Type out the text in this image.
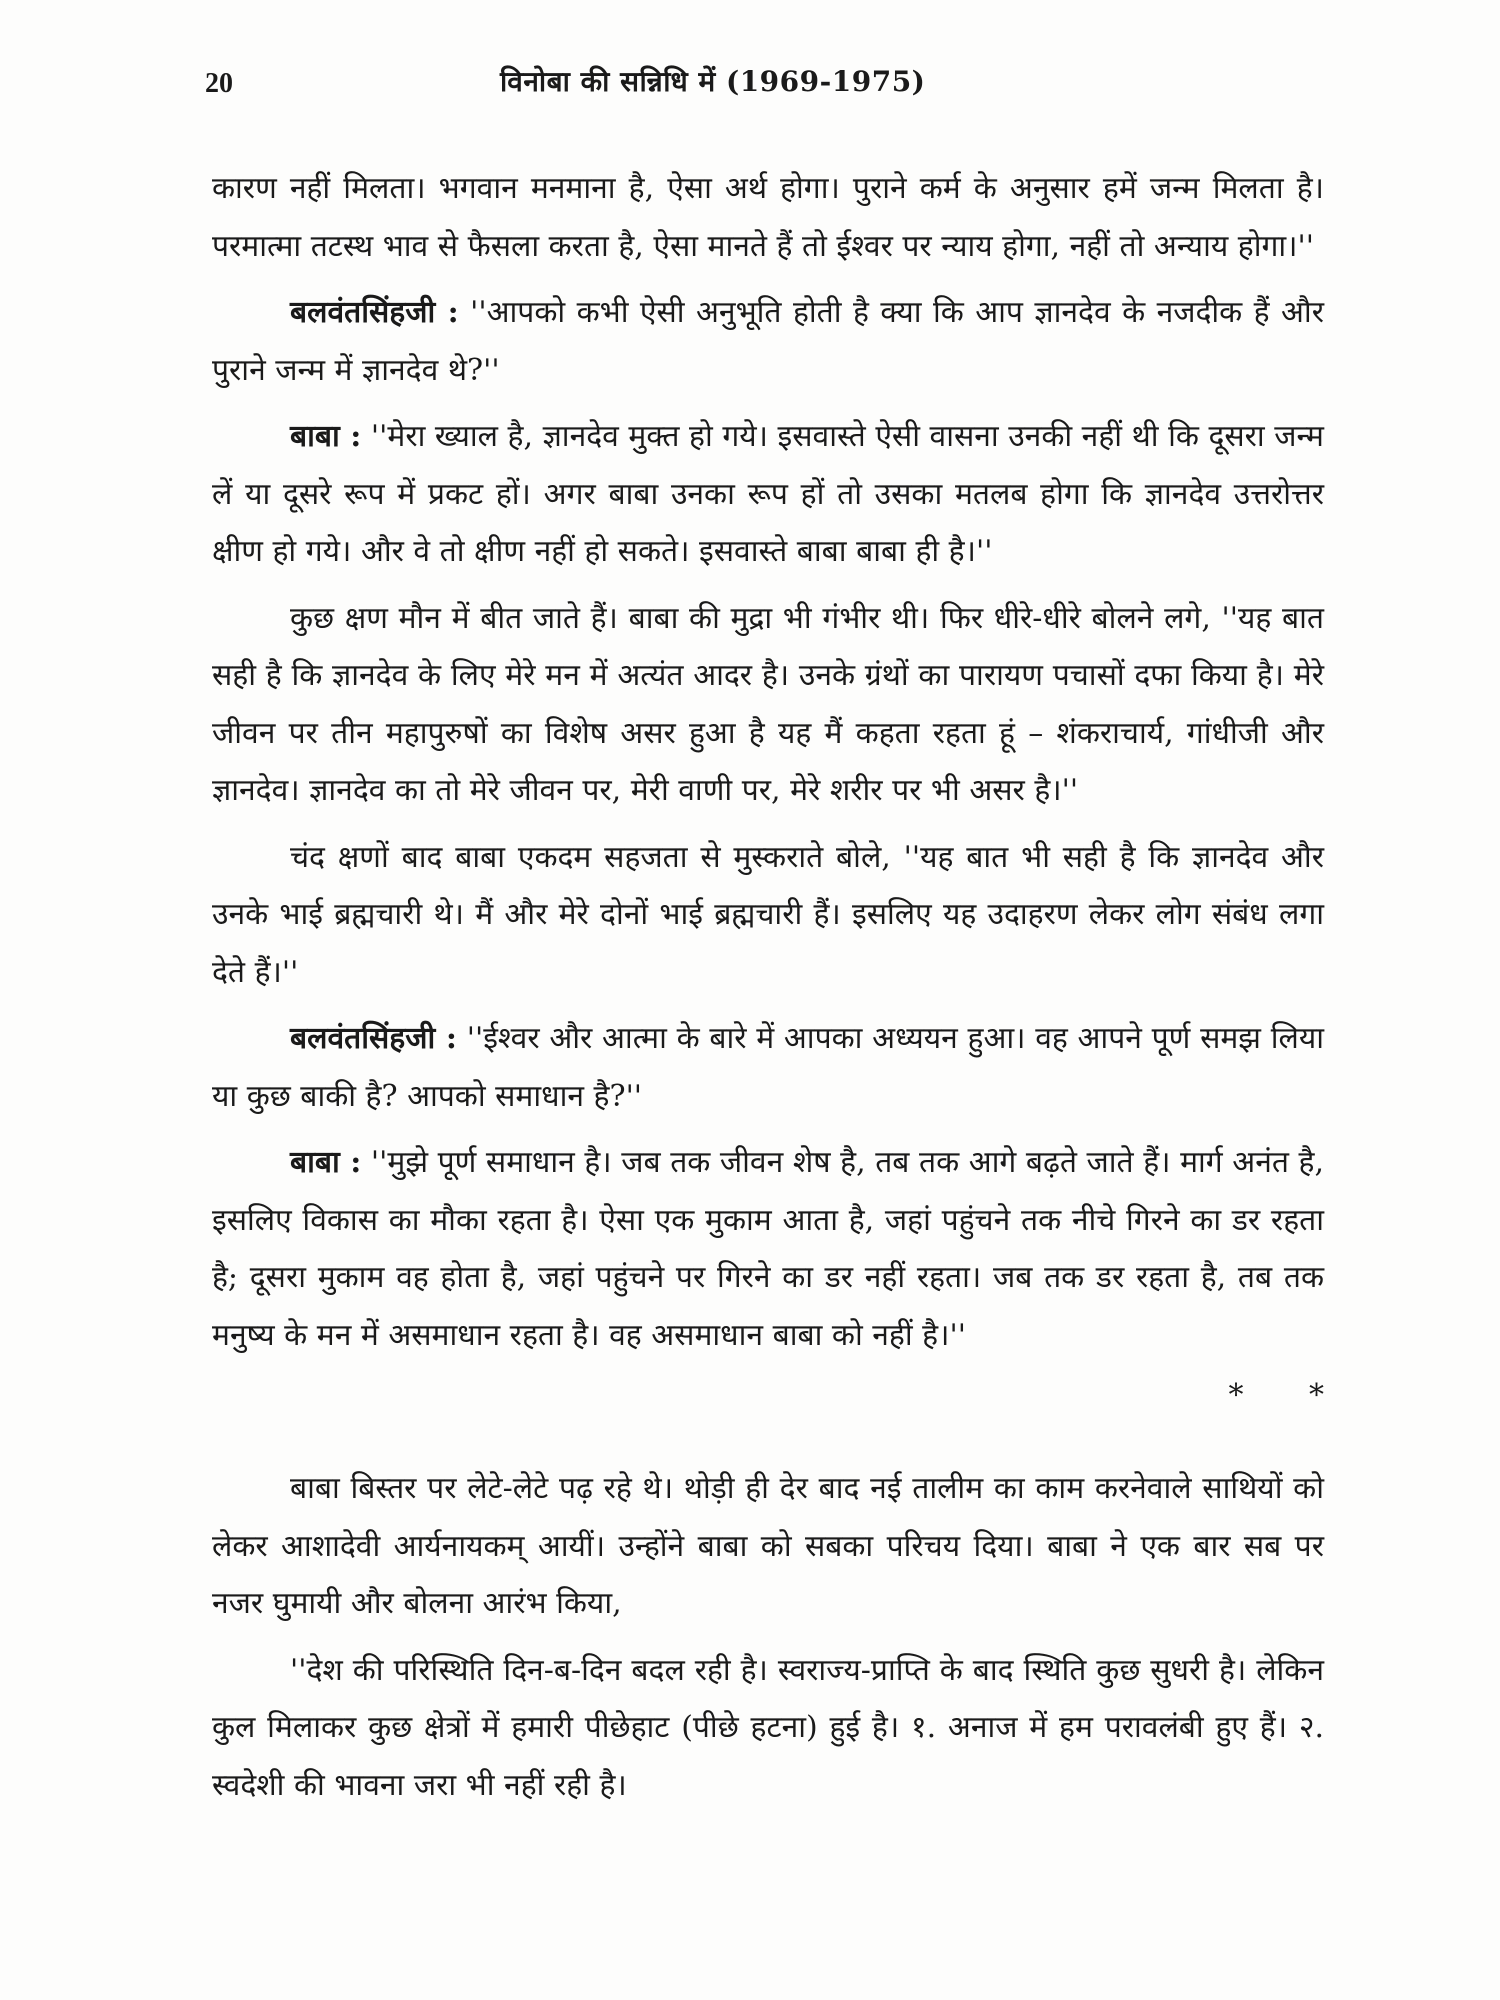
20	विनोबा की सन्निधि में (1969-1975)

कारण नहीं मिलता। भगवान मनमाना है, ऐसा अर्थ होगा। पुराने कर्म के अनुसार हमें जन्म मिलता है। परमात्मा तटस्थ भाव से फैसला करता है, ऐसा मानते हैं तो ईश्वर पर न्याय होगा, नहीं तो अन्याय होगा।''

बलवंतसिंहजी : ''आपको कभी ऐसी अनुभूति होती है क्या कि आप ज्ञानदेव के नजदीक हैं और पुराने जन्म में ज्ञानदेव थे?''

बाबा : ''मेरा ख्याल है, ज्ञानदेव मुक्त हो गये। इसवास्ते ऐसी वासना उनकी नहीं थी कि दूसरा जन्म लें या दूसरे रूप में प्रकट हों। अगर बाबा उनका रूप हों तो उसका मतलब होगा कि ज्ञानदेव उत्तरोत्तर क्षीण हो गये। और वे तो क्षीण नहीं हो सकते। इसवास्ते बाबा बाबा ही है।''

कुछ क्षण मौन में बीत जाते हैं। बाबा की मुद्रा भी गंभीर थी। फिर धीरे-धीरे बोलने लगे, ''यह बात सही है कि ज्ञानदेव के लिए मेरे मन में अत्यंत आदर है। उनके ग्रंथों का पारायण पचासों दफा किया है। मेरे जीवन पर तीन महापुरुषों का विशेष असर हुआ है यह मैं कहता रहता हूं – शंकराचार्य, गांधीजी और ज्ञानदेव। ज्ञानदेव का तो मेरे जीवन पर, मेरी वाणी पर, मेरे शरीर पर भी असर है।''

चंद क्षणों बाद बाबा एकदम सहजता से मुस्कराते बोले, ''यह बात भी सही है कि ज्ञानदेव और उनके भाई ब्रह्मचारी थे। मैं और मेरे दोनों भाई ब्रह्मचारी हैं। इसलिए यह उदाहरण लेकर लोग संबंध लगा देते हैं।''

बलवंतसिंहजी : ''ईश्वर और आत्मा के बारे में आपका अध्ययन हुआ। वह आपने पूर्ण समझ लिया या कुछ बाकी है? आपको समाधान है?''

बाबा : ''मुझे पूर्ण समाधान है। जब तक जीवन शेष है, तब तक आगे बढ़ते जाते हैं। मार्ग अनंत है, इसलिए विकास का मौका रहता है। ऐसा एक मुकाम आता है, जहां पहुंचने तक नीचे गिरने का डर रहता है; दूसरा मुकाम वह होता है, जहां पहुंचने पर गिरने का डर नहीं रहता। जब तक डर रहता है, तब तक मनुष्य के मन में असमाधान रहता है। वह असमाधान बाबा को नहीं है।''

* *

बाबा बिस्तर पर लेटे-लेटे पढ़ रहे थे। थोड़ी ही देर बाद नई तालीम का काम करनेवाले साथियों को लेकर आशादेवी आर्यनायकम् आयीं। उन्होंने बाबा को सबका परिचय दिया। बाबा ने एक बार सब पर नजर घुमायी और बोलना आरंभ किया,

''देश की परिस्थिति दिन-ब-दिन बदल रही है। स्वराज्य-प्राप्ति के बाद स्थिति कुछ सुधरी है। लेकिन कुल मिलाकर कुछ क्षेत्रों में हमारी पीछेहाट (पीछे हटना) हुई है। १. अनाज में हम परावलंबी हुए हैं। २. स्वदेशी की भावना जरा भी नहीं रही है।
